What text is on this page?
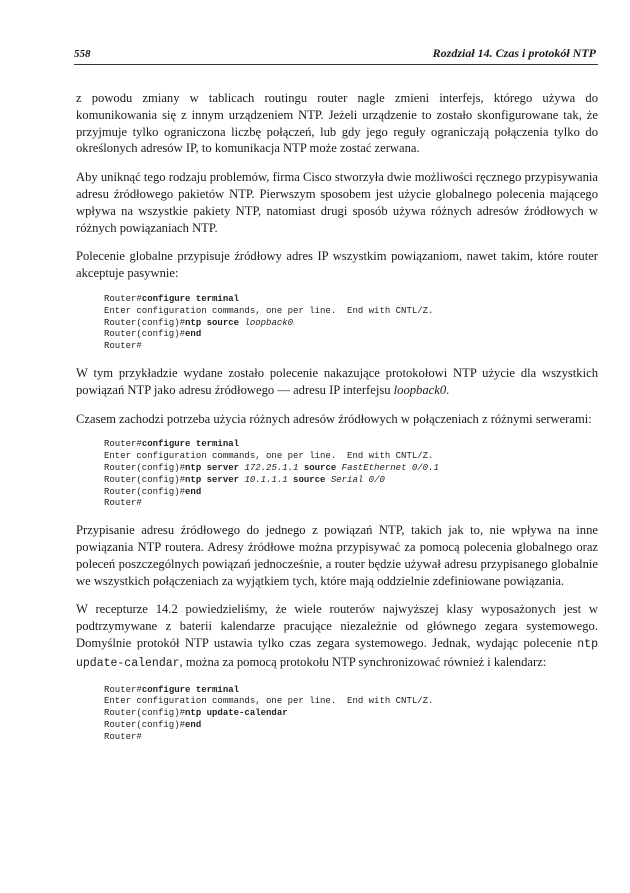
558	Rozdział 14. Czas i protokół NTP

z powodu zmiany w tablicach routingu router nagle zmieni interfejs, którego używa do komunikowania się z innym urządzeniem NTP. Jeżeli urządzenie to zostało skonfigurowane tak, że przyjmuje tylko ograniczona liczbę połączeń, lub gdy jego reguły ograniczają połączenia tylko do określonych adresów IP, to komunikacja NTP może zostać zerwana.

Aby uniknąć tego rodzaju problemów, firma Cisco stworzyła dwie możliwości ręcznego przypisywania adresu źródłowego pakietów NTP. Pierwszym sposobem jest użycie globalnego polecenia mającego wpływa na wszystkie pakiety NTP, natomiast drugi sposób używa różnych adresów źródłowych w różnych powiązaniach NTP.

Polecenie globalne przypisuje źródłowy adres IP wszystkim powiązaniom, nawet takim, które router akceptuje pasywnie:

Router#configure terminal
Enter configuration commands, one per line.  End with CNTL/Z.
Router(config)#ntp source loopback0
Router(config)#end
Router#

W tym przykładzie wydane zostało polecenie nakazujące protokołowi NTP użycie dla wszystkich powiązań NTP jako adresu źródłowego — adresu IP interfejsu loopback0.

Czasem zachodzi potrzeba użycia różnych adresów źródłowych w połączeniach z różnymi serwerami:

Router#configure terminal
Enter configuration commands, one per line.  End with CNTL/Z.
Router(config)#ntp server 172.25.1.1 source FastEthernet 0/0.1
Router(config)#ntp server 10.1.1.1 source Serial 0/0
Router(config)#end
Router#

Przypisanie adresu źródłowego do jednego z powiązań NTP, takich jak to, nie wpływa na inne powiązania NTP routera. Adresy źródłowe można przypisywać za pomocą polecenia globalnego oraz poleceń poszczególnych powiązań jednocześnie, a router będzie używał adresu przypisanego globalnie we wszystkich połączeniach za wyjątkiem tych, które mają oddzielnie zdefiniowane powiązania.

W recepturze 14.2 powiedzieliśmy, że wiele routerów najwyższej klasy wyposażonych jest w podtrzymywane z baterii kalendarze pracujące niezależnie od głównego zegara systemowego. Domyślnie protokół NTP ustawia tylko czas zegara systemowego. Jednak, wydając polecenie ntp update-calendar, można za pomocą protokołu NTP synchronizować również i kalendarz:

Router#configure terminal
Enter configuration commands, one per line.  End with CNTL/Z.
Router(config)#ntp update-calendar
Router(config)#end
Router#
